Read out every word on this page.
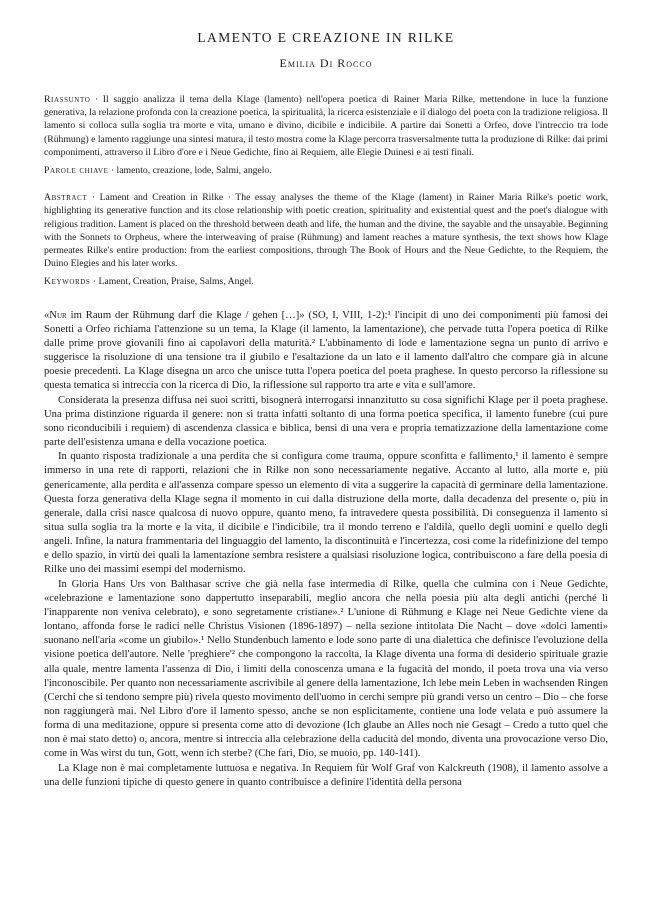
LAMENTO E CREAZIONE IN RILKE
Emilia Di Rocco

Riassunto · Il saggio analizza il tema della Klage (lamento) nell'opera poetica di Rainer Maria Rilke, mettendone in luce la funzione generativa, la relazione profonda con la creazione poetica, la spiritualità, la ricerca esistenziale e il dialogo del poeta con la tradizione religiosa. Il lamento si colloca sulla soglia tra morte e vita, umano e divino, dicibile e indicibile. A partire dai Sonetti a Orfeo, dove l'intreccio tra lode (Rühmung) e lamento raggiunge una sintesi matura, il testo mostra come la Klage percorra trasversalmente tutta la produzione di Rilke: dai primi componimenti, attraverso il Libro d'ore e i Neue Gedichte, fino ai Requiem, alle Elegie Duinesi e ai testi finali.

Parole chiave · lamento, creazione, lode, Salmi, angelo.

Abstract · Lament and Creation in Rilke · The essay analyses the theme of the Klage (lament) in Rainer Maria Rilke's poetic work, highlighting its generative function and its close relationship with poetic creation, spirituality and existential quest and the poet's dialogue with religious tradition. Lament is placed on the threshold between death and life, the human and the divine, the sayable and the unsayable. Beginning with the Sonnets to Orpheus, where the interweaving of praise (Rühmung) and lament reaches a mature synthesis, the text shows how Klage permeates Rilke's entire production: from the earliest compositions, through The Book of Hours and the Neue Gedichte, to the Requiem, the Duino Elegies and his later works.

Keywords · Lament, Creation, Praise, Salms, Angel.

«Nur im Raum der Rühmung darf die Klage / gehen […]» (SO, I, VIII, 1-2):¹ l'incipit di uno dei componimenti più famosi dei Sonetti a Orfeo richiama l'attenzione su un tema, la Klage (il lamento, la lamentazione), che pervade tutta l'opera poetica di Rilke dalle prime prove giovanili fino ai capolavori della maturità.² L'abbinamento di lode e lamentazione segna un punto di arrivo e suggerisce la risoluzione di una tensione tra il giubilo e l'esaltazione da un lato e il lamento dall'altro che compare già in alcune poesie precedenti. La Klage disegna un arco che unisce tutta l'opera poetica del poeta praghese. In questo percorso la riflessione su questa tematica si intreccia con la ricerca di Dio, la riflessione sul rapporto tra arte e vita e sull'amore.

Considerata la presenza diffusa nei suoi scritti, bisognerà interrogarsi innanzitutto su cosa significhi Klage per il poeta praghese. Una prima distinzione riguarda il genere: non si tratta infatti soltanto di una forma poetica specifica, il lamento funebre (cui pure sono riconducibili i requiem) di ascendenza classica e biblica, bensì di una vera e propria tematizzazione della lamentazione come parte dell'esistenza umana e della vocazione poetica.

In quanto risposta tradizionale a una perdita che si configura come trauma, oppure sconfitta e fallimento,¹ il lamento è sempre immerso in una rete di rapporti, relazioni che in Rilke non sono necessariamente negative. Accanto al lutto, alla morte e, più genericamente, alla perdita e all'assenza compare spesso un elemento di vita a suggerire la capacità di germinare della lamentazione. Questa forza generativa della Klage segna il momento in cui dalla distruzione della morte, dalla decadenza del presente o, più in generale, dalla crisi nasce qualcosa di nuovo oppure, quanto meno, fa intravedere questa possibilità. Di conseguenza il lamento si situa sulla soglia tra la morte e la vita, il dicibile e l'indicibile, tra il mondo terreno e l'aldilà, quello degli uomini e quello degli angeli. Infine, la natura frammentaria del linguaggio del lamento, la discontinuità e l'incertezza, così come la ridefinizione del tempo e dello spazio, in virtù dei quali la lamentazione sembra resistere a qualsiasi risoluzione logica, contribuiscono a fare della poesia di Rilke uno dei massimi esempi del modernismo.

In Gloria Hans Urs von Balthasar scrive che già nella fase intermedia di Rilke, quella che culmina con i Neue Gedichte, «celebrazione e lamentazione sono dappertutto inseparabili, meglio ancora che nella poesia più alta degli antichi (perché lì l'inapparente non veniva celebrato), e sono segretamente cristiane».² L'unione di Rühmung e Klage nei Neue Gedichte viene da lontano, affonda forse le radici nelle Christus Visionen (1896-1897) – nella sezione intitolata Die Nacht – dove «dolci lamenti» suonano nell'aria «come un giubilo».¹ Nello Stundenbuch lamento e lode sono parte di una dialettica che definisce l'evoluzione della visione poetica dell'autore. Nelle 'preghiere'² che compongono la raccolta, la Klage diventa una forma di desiderio spirituale grazie alla quale, mentre lamenta l'assenza di Dio, i limiti della conoscenza umana e la fugacità del mondo, il poeta trova una via verso l'inconoscibile. Per quanto non necessariamente ascrivibile al genere della lamentazione, Ich lebe mein Leben in wachsenden Ringen (Cerchi che si tendono sempre più) rivela questo movimento dell'uomo in cerchi sempre più grandi verso un centro – Dio – che forse non raggiungerà mai. Nel Libro d'ore il lamento spesso, anche se non esplicitamente, contiene una lode velata e può assumere la forma di una meditazione, oppure si presenta come atto di devozione (Ich glaube an Alles noch nie Gesagt – Credo a tutto quel che non è mai stato detto) o, ancora, mentre si intreccia alla celebrazione della caducità del mondo, diventa una provocazione verso Dio, come in Was wirst du tun, Gott, wenn ich sterbe? (Che fari, Dio, se muoio, pp. 140-141).

La Klage non è mai completamente luttuosa e negativa. In Requiem für Wolf Graf von Kalckreuth (1908), il lamento assolve a una delle funzioni tipiche di questo genere in quanto contribuisce a definire l'identità della persona
